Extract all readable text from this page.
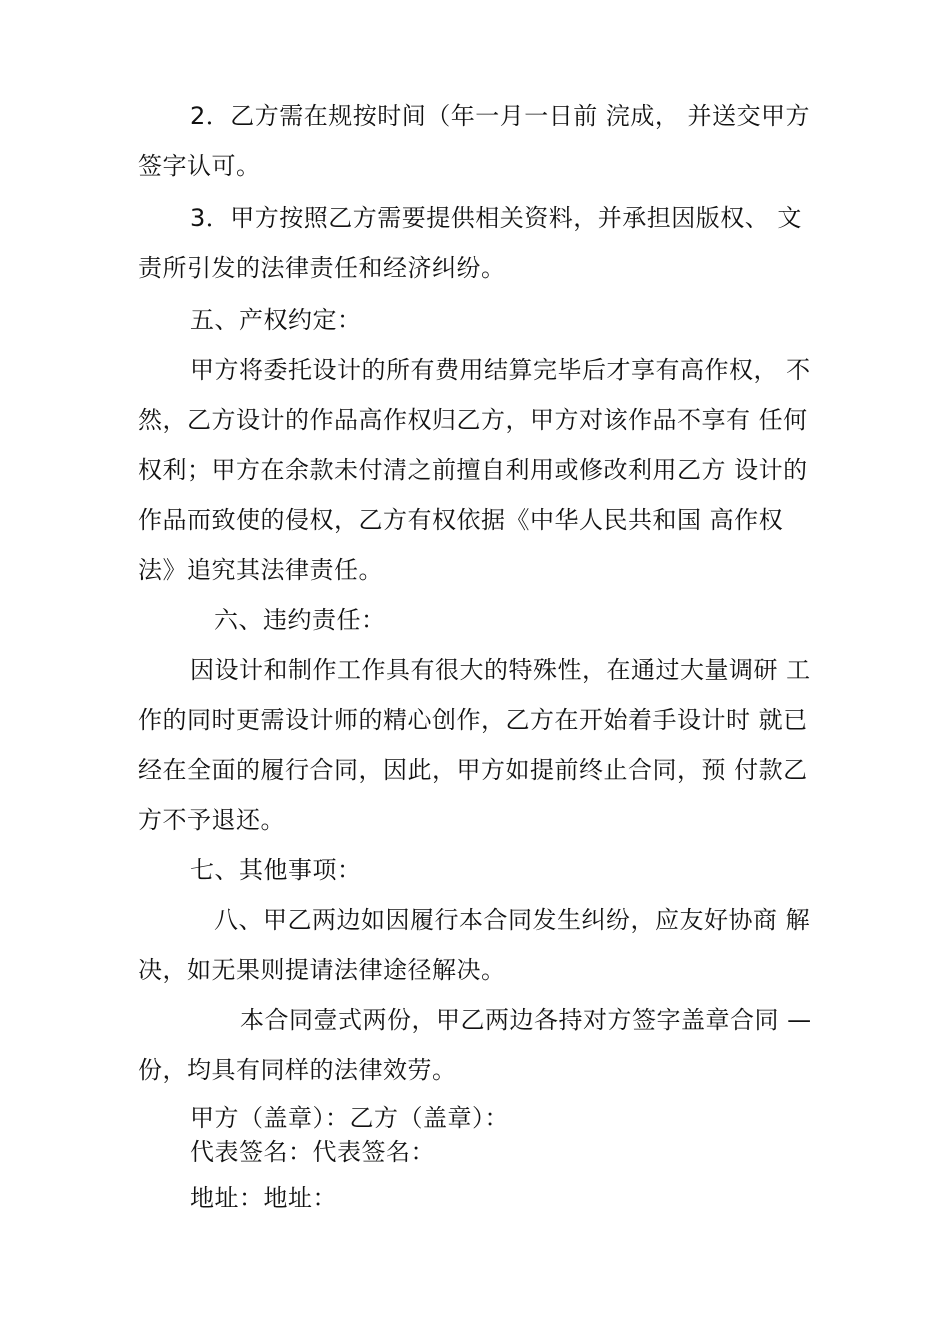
2．乙方需在规按时间（年一月一日前 浣成， 并送交甲方
签字认可。
3．甲方按照乙方需要提供相关资料，并承担因版权、 文
责所引发的法律责任和经济纠纷。
五、产权约定：
甲方将委托设计的所有费用结算完毕后才享有高作权， 不
然，乙方设计的作品高作权归乙方，甲方对该作品不享有 任何
权利；甲方在余款未付清之前擅自利用或修改利用乙方 设计的
作品而致使的侵权，乙方有权依据《中华人民共和国 高作权
法》追究其法律责任。
六、违约责任：
因设计和制作工作具有很大的特殊性，在通过大量调研 工
作的同时更需设计师的精心创作，乙方在开始着手设计时 就已
经在全面的履行合同，因此，甲方如提前终止合同，预 付款乙
方不予退还。
七、其他事项：
八、甲乙两边如因履行本合同发生纠纷，应友好协商 解
决，如无果则提请法律途径解决。
本合同壹式两份，甲乙两边各持对方签字盖章合同 —
份，均具有同样的法律效劳。
甲方（盖章）：乙方（盖章）：
代表签名：代表签名：
地址：地址：
